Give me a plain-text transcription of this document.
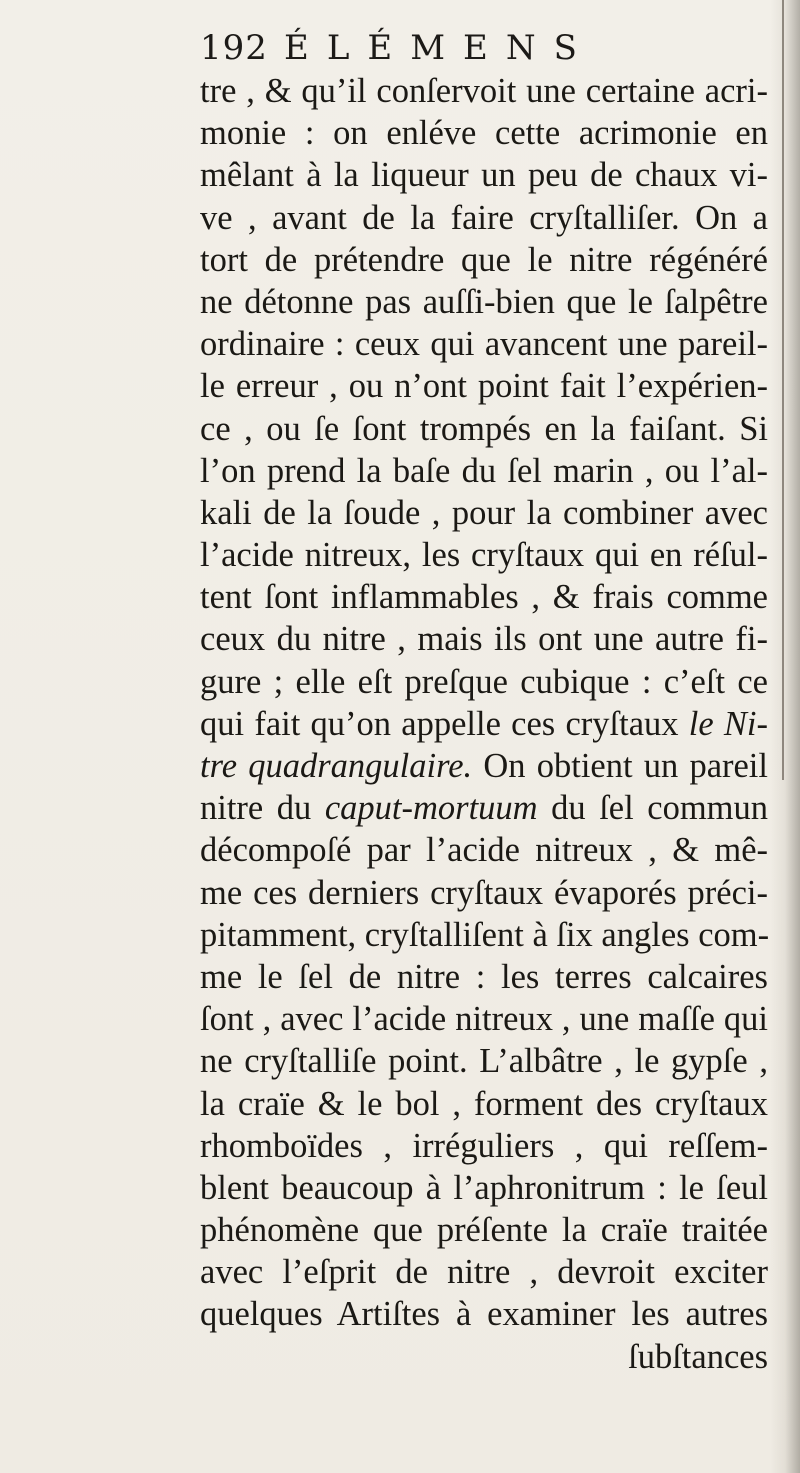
192 ÉLÉMENS
tre , & qu’il conſervoit une certaine acri-
monie : on enléve cette acrimonie en
mêlant à la liqueur un peu de chaux vi-
ve , avant de la faire cryſtalliſer. On a
tort de prétendre que le nitre régénéré
ne détonne pas auſſi-bien que le ſalpêtre
ordinaire : ceux qui avancent une pareil-
le erreur , ou n’ont point fait l’expérien-
ce , ou ſe ſont trompés en la faiſant. Si
l’on prend la baſe du ſel marin , ou l’al-
kali de la ſoude , pour la combiner avec
l’acide nitreux, les cryſtaux qui en réſul-
tent ſont inflammables , & frais comme
ceux du nitre , mais ils ont une autre fi-
gure ; elle eſt preſque cubique : c’eſt ce
qui fait qu’on appelle ces cryſtaux le Ni-
tre quadrangulaire. On obtient un pareil
nitre du caput-mortuum du ſel commun
décompoſé par l’acide nitreux , & mê-
me ces derniers cryſtaux évaporés préci-
pitamment, cryſtalliſent à ſix angles com-
me le ſel de nitre : les terres calcaires
ſont , avec l’acide nitreux , une maſſe qui
ne cryſtalliſe point. L’albâtre , le gypſe ,
la craïe & le bol , forment des cryſtaux
rhomboïdes , irréguliers , qui reſſem-
blent beaucoup à l’aphronitrum : le ſeul
phénomène que préſente la craïe traitée
avec l’eſprit de nitre , devroit exciter
quelques Artiſtes à examiner les autres
ſubſtances
